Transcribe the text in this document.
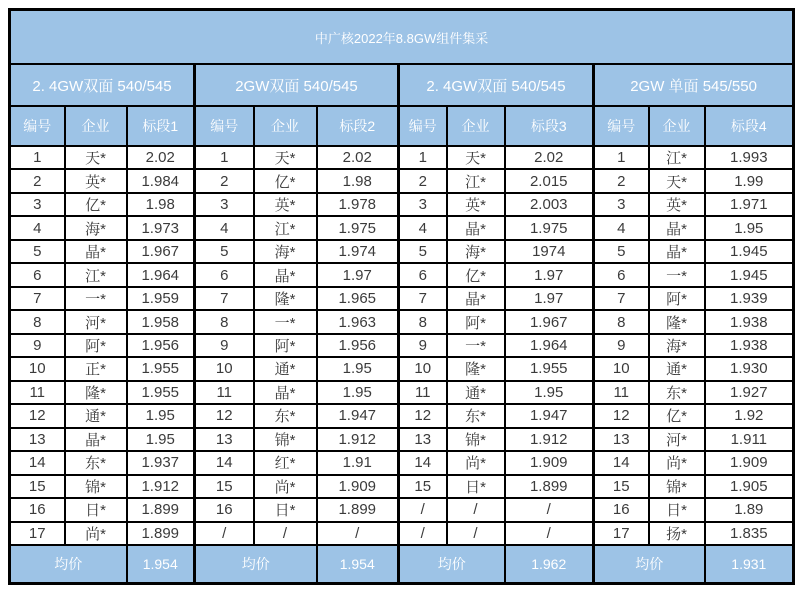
中广核2022年8.8GW组件集采											
2. 4GW双面 540/545			2GW双面 540/545			2. 4GW双面 540/545			2GW 单面 545/550		
编号	企业	标段1	编号	企业	标段2	编号	企业	标段3	编号	企业	标段4
1	天*	2.02	1	天*	2.02	1	天*	2.02	1	江*	1.993
2	英*	1.984	2	亿*	1.98	2	江*	2.015	2	天*	1.99
3	亿*	1.98	3	英*	1.978	3	英*	2.003	3	英*	1.971
4	海*	1.973	4	江*	1.975	4	晶*	1.975	4	晶*	1.95
5	晶*	1.967	5	海*	1.974	5	海*	1974	5	晶*	1.945
6	江*	1.964	6	晶*	1.97	6	亿*	1.97	6	一*	1.945
7	一*	1.959	7	隆*	1.965	7	晶*	1.97	7	阿*	1.939
8	河*	1.958	8	一*	1.963	8	阿*	1.967	8	隆*	1.938
9	阿*	1.956	9	阿*	1.956	9	一*	1.964	9	海*	1.938
10	正*	1.955	10	通*	1.95	10	隆*	1.955	10	通*	1.930
11	隆*	1.955	11	晶*	1.95	11	通*	1.95	11	东*	1.927
12	通*	1.95	12	东*	1.947	12	东*	1.947	12	亿*	1.92
13	晶*	1.95	13	锦*	1.912	13	锦*	1.912	13	河*	1.911
14	东*	1.937	14	红*	1.91	14	尚*	1.909	14	尚*	1.909
15	锦*	1.912	15	尚*	1.909	15	日*	1.899	15	锦*	1.905
16	日*	1.899	16	日*	1.899	/	/	/	16	日*	1.89
17	尚*	1.899	/	/	/	/	/	/	17	扬*	1.835
均价		1.954	均价		1.954	均价		1.962	均价		1.931
